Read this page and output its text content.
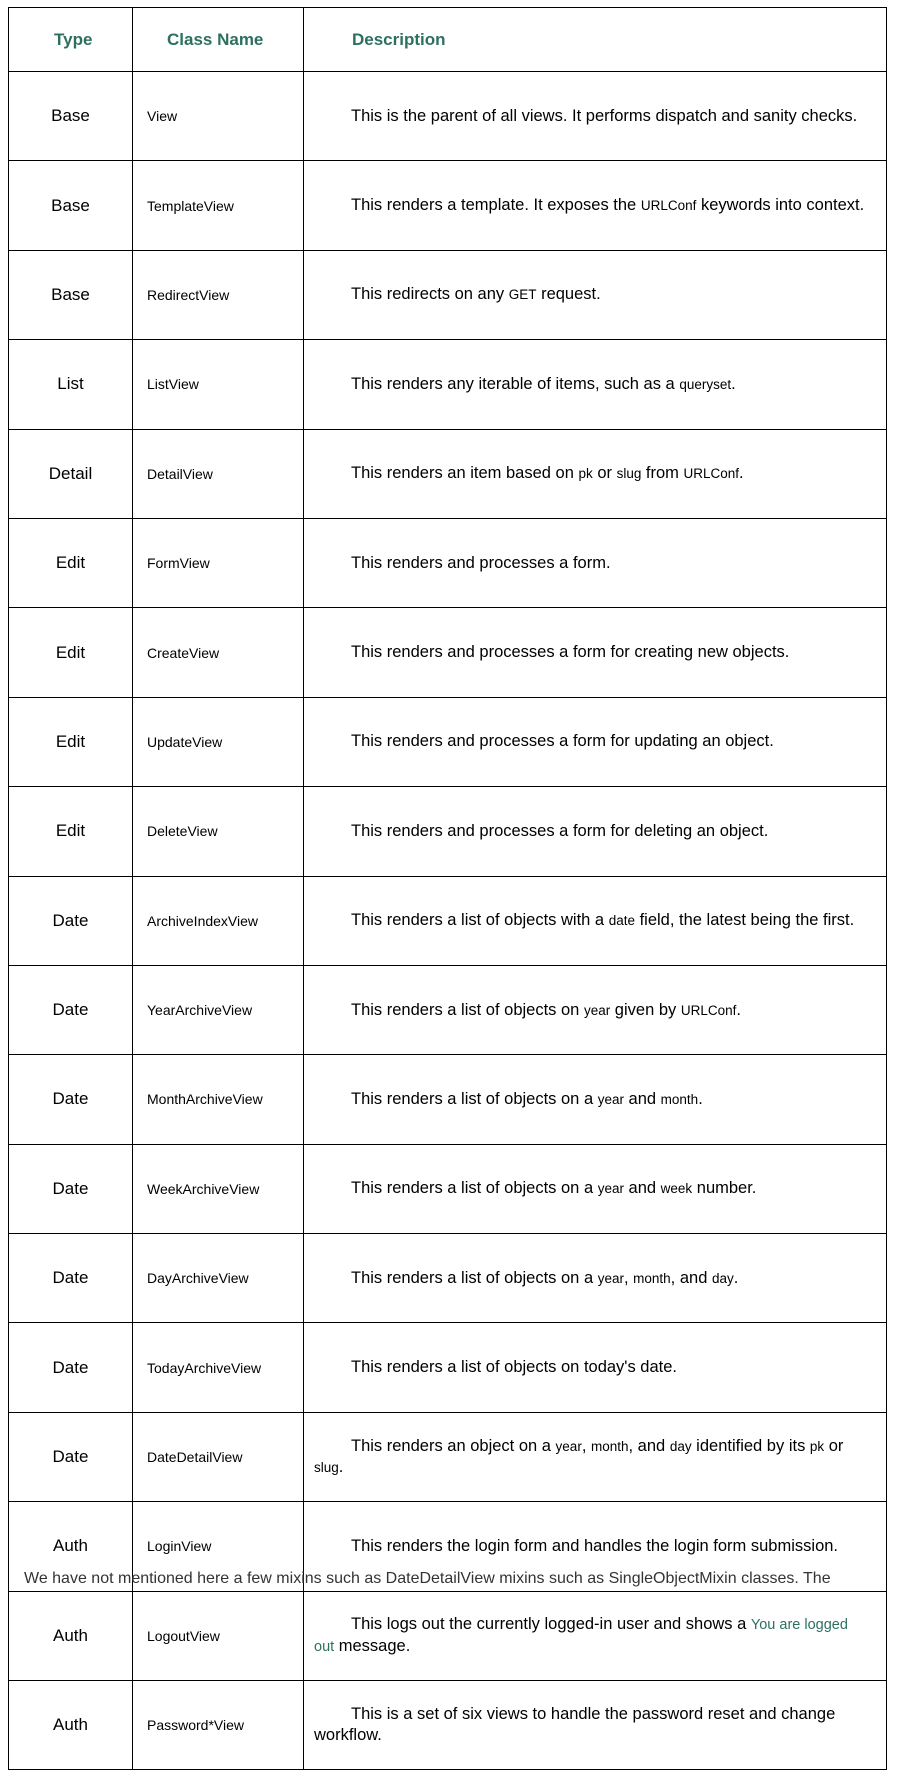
Type	Class Name	Description
Base	View	This is the parent of all views. It performs dispatch and sanity checks.

Base	TemplateView	This renders a template. It exposes the URLConf keywords into context.

Base	RedirectView	This redirects on any GET request.

List	ListView	This renders any iterable of items, such as a queryset.

Detail	DetailView	This renders an item based on pk or slug from URLConf.

Edit	FormView	This renders and processes a form.

Edit	CreateView	This renders and processes a form for creating new objects.

Edit	UpdateView	This renders and processes a form for updating an object.

Edit	DeleteView	This renders and processes a form for deleting an object.

Date	ArchiveIndexView	This renders a list of objects with a date field, the latest being the first.

Date	YearArchiveView	This renders a list of objects on year given by URLConf.

Date	MonthArchiveView	This renders a list of objects on a year and month.

Date	WeekArchiveView	This renders a list of objects on a year and week number.

Date	DayArchiveView	This renders a list of objects on a year, month, and day.

Date	TodayArchiveView	This renders a list of objects on today's date.

Date	DateDetailView	This renders an object on a year, month, and day identified by its pk or slug.

Auth	LoginView	This renders the login form and handles the login form submission.

Auth	LogoutView	This logs out the currently logged-in user and shows a You are logged out message.

Auth	Password*View	This is a set of six views to handle the password reset and change workflow.
We have not mentioned here a few mixins such as DateDetailView mixins such as SingleObjectMixin classes. The
